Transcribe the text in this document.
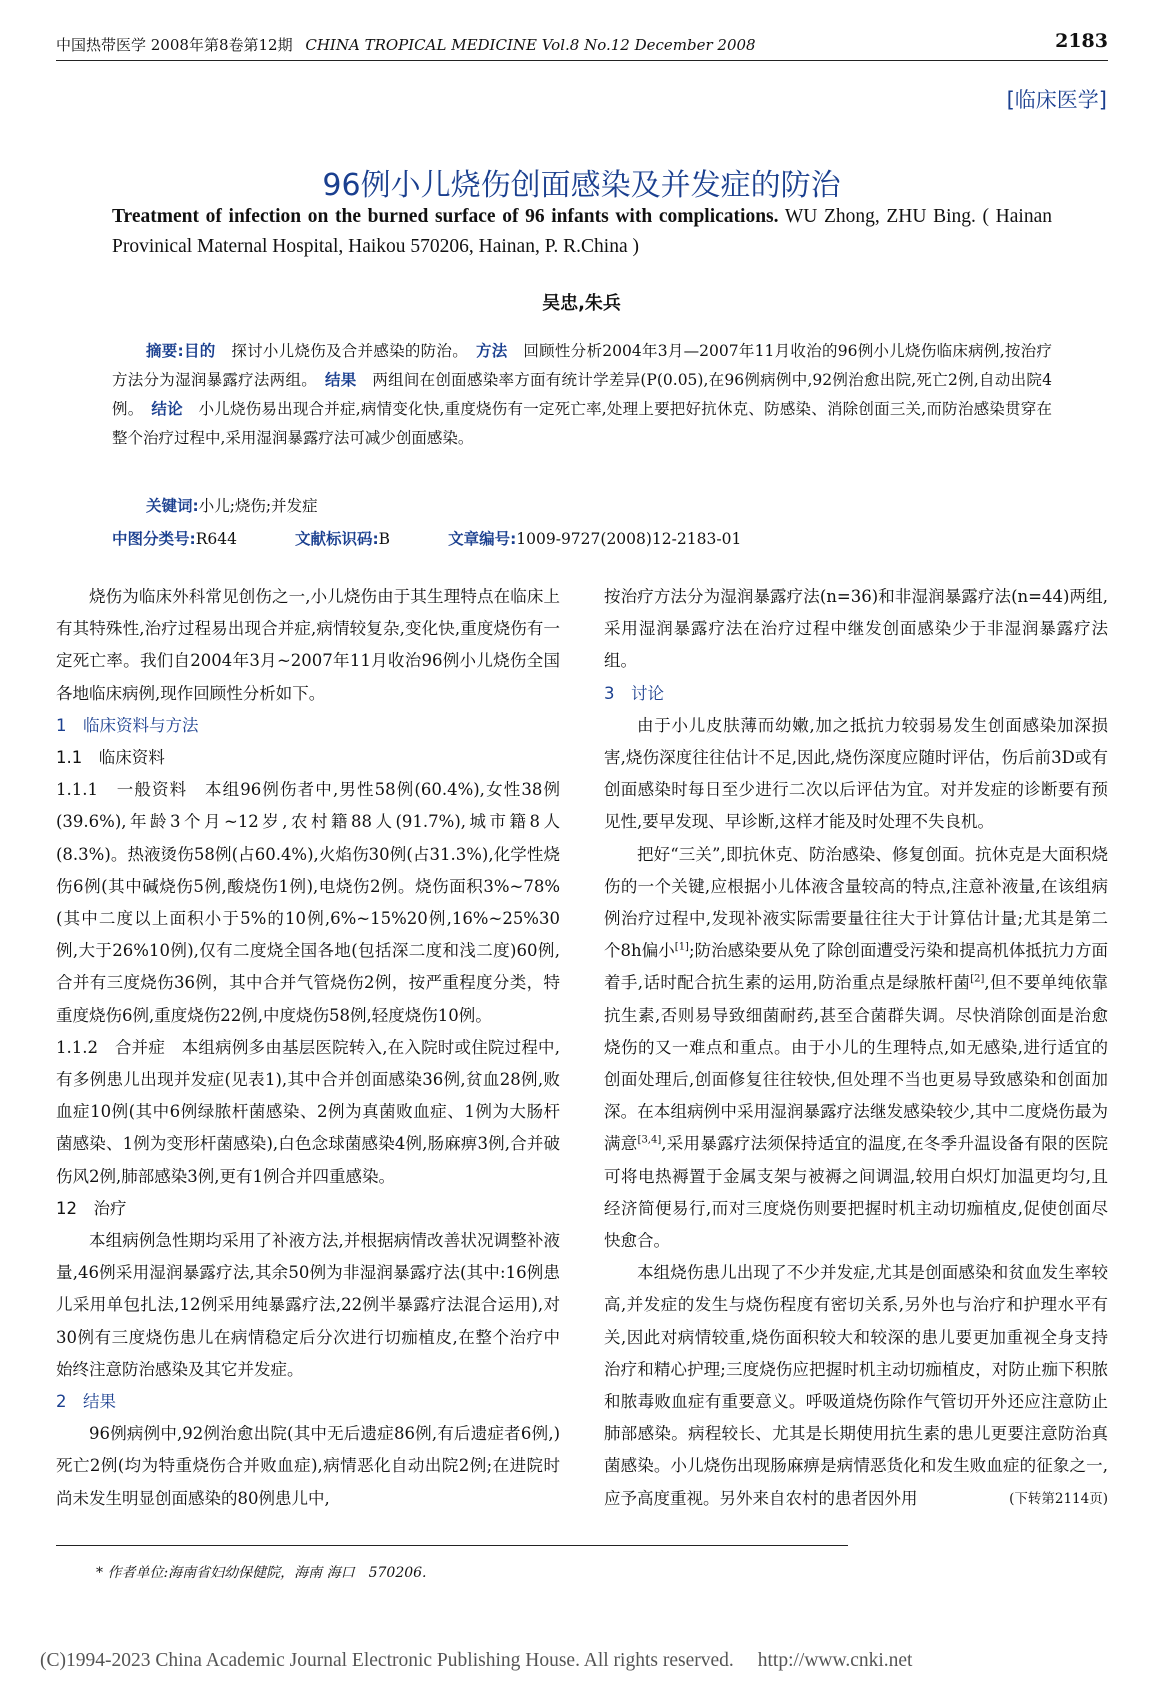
中国热带医学 2008年第8卷第12期 CHINA TROPICAL MEDICINE Vol.8 No.12 December 2008	2183
[临床医学]
96例小儿烧伤创面感染及并发症的防治
Treatment of infection on the burned surface of 96 infants with complications. WU Zhong, ZHU Bing. ( Hainan Provinical Maternal Hospital, Haikou 570206, Hainan, P. R.China )
吴忠,朱兵

摘要:目的　 探讨小儿烧伤及合并感染的防治。　 方法　 回顾性分析2004年3月—2007年11月收治的96例小儿烧伤临床病例,按治疗方法分为湿润暴露疗法两组。　 结果　 两组间在创面感染率方面有统计学差异(P(0.05),在96例病例中,92例治愈出院,死亡2例,自动出院4例。　 结论　 小儿烧伤易出现合并症,病情变化快,重度烧伤有一定死亡率,处理上要把好抗休克、防感染、消除创面三关,而防治感染贯穿在整个治疗过程中,采用湿润暴露疗法可减少创面感染。

关键词:小儿;烧伤;并发症
中图分类号:R644	文献标识码:B	文章编号:1009-9727(2008)12-2183-01

烧伤为临床外科常见创伤之一,小儿烧伤由于其生理特点在临床上有其特殊性,治疗过程易出现合并症,病情较复杂,变化快,重度烧伤有一定死亡率。我们自2004年3月~2007年11月收治96例小儿烧伤全国各地临床病例,现作回顾性分析如下。

1　临床资料与方法

1.1　临床资料

1.1.1　一般资料　本组96例伤者中,男性58例(60.4%),女性38例(39.6%),年龄3个月~12岁,农村籍88人(91.7%),城市籍8人(8.3%)。热液烫伤58例(占60.4%),火焰伤30例(占31.3%),化学性烧伤6例(其中碱烧伤5例,酸烧伤1例),电烧伤2例。烧伤面积3%~78%(其中二度以上面积小于5%的10例,6%~15%20例,16%~25%30例,大于26%10例),仅有二度烧全国各地(包括深二度和浅二度)60例,合并有三度烧伤36例，其中合并气管烧伤2例，按严重程度分类，特重度烧伤6例,重度烧伤22例,中度烧伤58例,轻度烧伤10例。

1.1.2　合并症　本组病例多由基层医院转入,在入院时或住院过程中,有多例患儿出现并发症(见表1),其中合并创面感染36例,贫血28例,败血症10例(其中6例绿脓杆菌感染、2例为真菌败血症、1例为大肠杆菌感染、1例为变形杆菌感染),白色念球菌感染4例,肠麻痹3例,合并破伤风2例,肺部感染3例,更有1例合并四重感染。

12　治疗

本组病例急性期均采用了补液方法,并根据病情改善状况调整补液量,46例采用湿润暴露疗法,其余50例为非湿润暴露疗法(其中:16例患儿采用单包扎法,12例采用纯暴露疗法,22例半暴露疗法混合运用),对30例有三度烧伤患儿在病情稳定后分次进行切痂植皮,在整个治疗中始终注意防治感染及其它并发症。

2　结果

96例病例中,92例治愈出院(其中无后遗症86例,有后遗症者6例,)死亡2例(均为特重烧伤合并败血症),病情恶化自动出院2例;在进院时尚未发生明显创面感染的80例患儿中,

按治疗方法分为湿润暴露疗法(n=36)和非湿润暴露疗法(n=44)两组,采用湿润暴露疗法在治疗过程中继发创面感染少于非湿润暴露疗法组。

3　讨论

由于小儿皮肤薄而幼嫩,加之抵抗力较弱易发生创面感染加深损害,烧伤深度往往估计不足,因此,烧伤深度应随时评估，伤后前3D或有创面感染时每日至少进行二次以后评估为宜。对并发症的诊断要有预见性,要早发现、早诊断,这样才能及时处理不失良机。

把好“三关”,即抗休克、防治感染、修复创面。抗休克是大面积烧伤的一个关键,应根据小儿体液含量较高的特点,注意补液量,在该组病例治疗过程中,发现补液实际需要量往往大于计算估计量;尤其是第二个8h偏小[1];防治感染要从免了除创面遭受污染和提高机体抵抗力方面着手,话时配合抗生素的运用,防治重点是绿脓杆菌[2],但不要单纯依靠抗生素,否则易导致细菌耐药,甚至合菌群失调。尽快消除创面是治愈烧伤的又一难点和重点。由于小儿的生理特点,如无感染,进行适宜的创面处理后,创面修复往往较快,但处理不当也更易导致感染和创面加深。在本组病例中采用湿润暴露疗法继发感染较少,其中二度烧伤最为满意[3,4],采用暴露疗法须保持适宜的温度,在冬季升温设备有限的医院可将电热褥置于金属支架与被褥之间调温,较用白炽灯加温更均匀,且经济简便易行,而对三度烧伤则要把握时机主动切痂植皮,促使创面尽快愈合。

本组烧伤患儿出现了不少并发症,尤其是创面感染和贫血发生率较高,并发症的发生与烧伤程度有密切关系,另外也与治疗和护理水平有关,因此对病情较重,烧伤面积较大和较深的患儿要更加重视全身支持治疗和精心护理;三度烧伤应把握时机主动切痂植皮，对防止痂下积脓和脓毒败血症有重要意义。呼吸道烧伤除作气管切开外还应注意防止肺部感染。病程较长、尤其是长期使用抗生素的患儿更要注意防治真菌感染。小儿烧伤出现肠麻痹是病情恶货化和发生败血症的征象之一,应予高度重视。另外来自农村的患者因外用	(下转第2114页)

* 作者单位:海南省妇幼保健院，海南 海口　570206.
(C)1994-2023 China Academic Journal Electronic Publishing House. All rights reserved. http://www.cnki.net
